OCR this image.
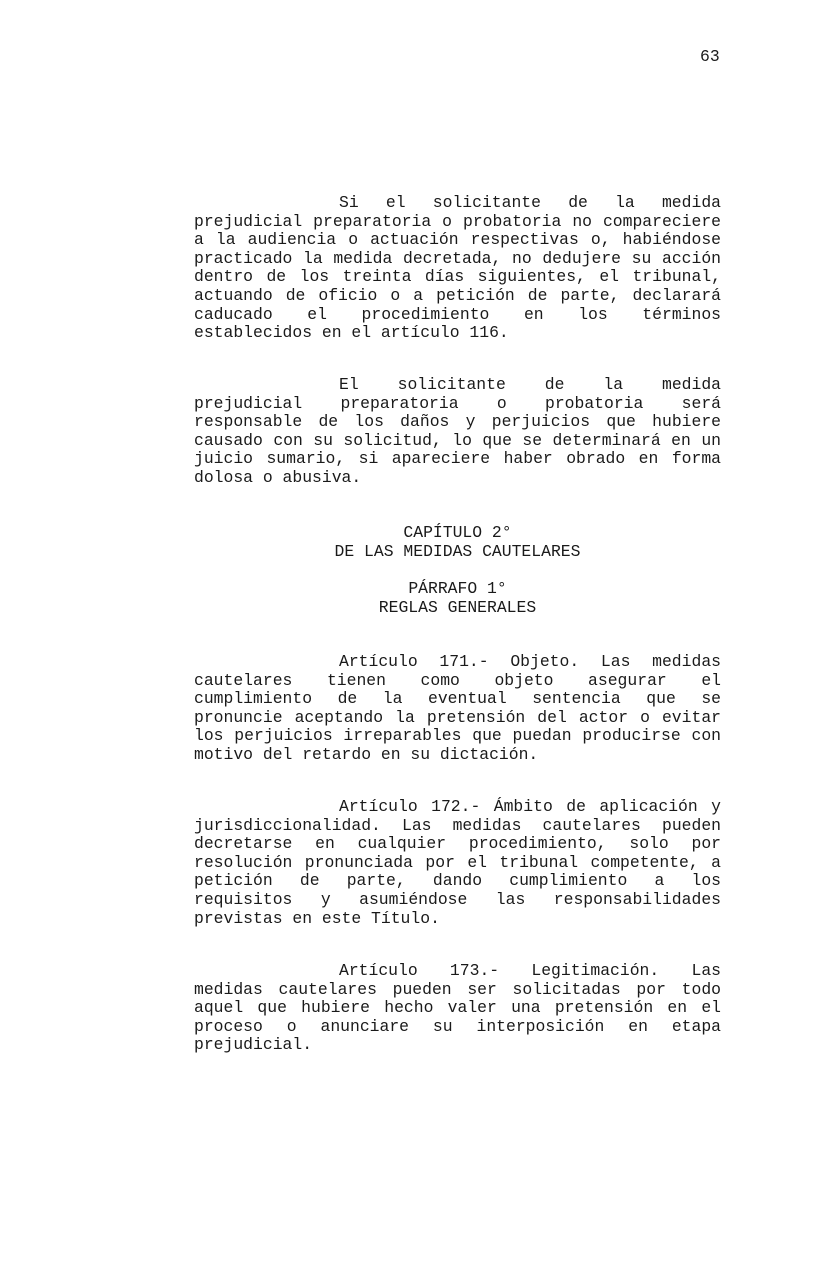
63
Si el solicitante de la medida
prejudicial preparatoria o probatoria no compareciere
a la audiencia o actuación respectivas o, habiéndose
practicado la medida decretada, no dedujere su acción
dentro de los treinta días siguientes, el tribunal,
actuando de oficio o a petición de parte, declarará
caducado el procedimiento en los términos
establecidos en el artículo 116.
El solicitante de la medida
prejudicial preparatoria o probatoria será
responsable de los daños y perjuicios que hubiere
causado con su solicitud, lo que se determinará en un
juicio sumario, si apareciere haber obrado en forma
dolosa o abusiva.
CAPÍTULO 2°
DE LAS MEDIDAS CAUTELARES
PÁRRAFO 1°
REGLAS GENERALES
Artículo 171.- Objeto. Las medidas
cautelares tienen como objeto asegurar el
cumplimiento de la eventual sentencia que se
pronuncie aceptando la pretensión del actor o evitar
los perjuicios irreparables que puedan producirse con
motivo del retardo en su dictación.
Artículo 172.- Ámbito de aplicación y
jurisdiccionalidad. Las medidas cautelares pueden
decretarse en cualquier procedimiento, solo por
resolución pronunciada por el tribunal competente, a
petición de parte, dando cumplimiento a los
requisitos y asumiéndose las responsabilidades
previstas en este Título.
Artículo 173.- Legitimación. Las
medidas cautelares pueden ser solicitadas por todo
aquel que hubiere hecho valer una pretensión en el
proceso o anunciare su interposición en etapa
prejudicial.
